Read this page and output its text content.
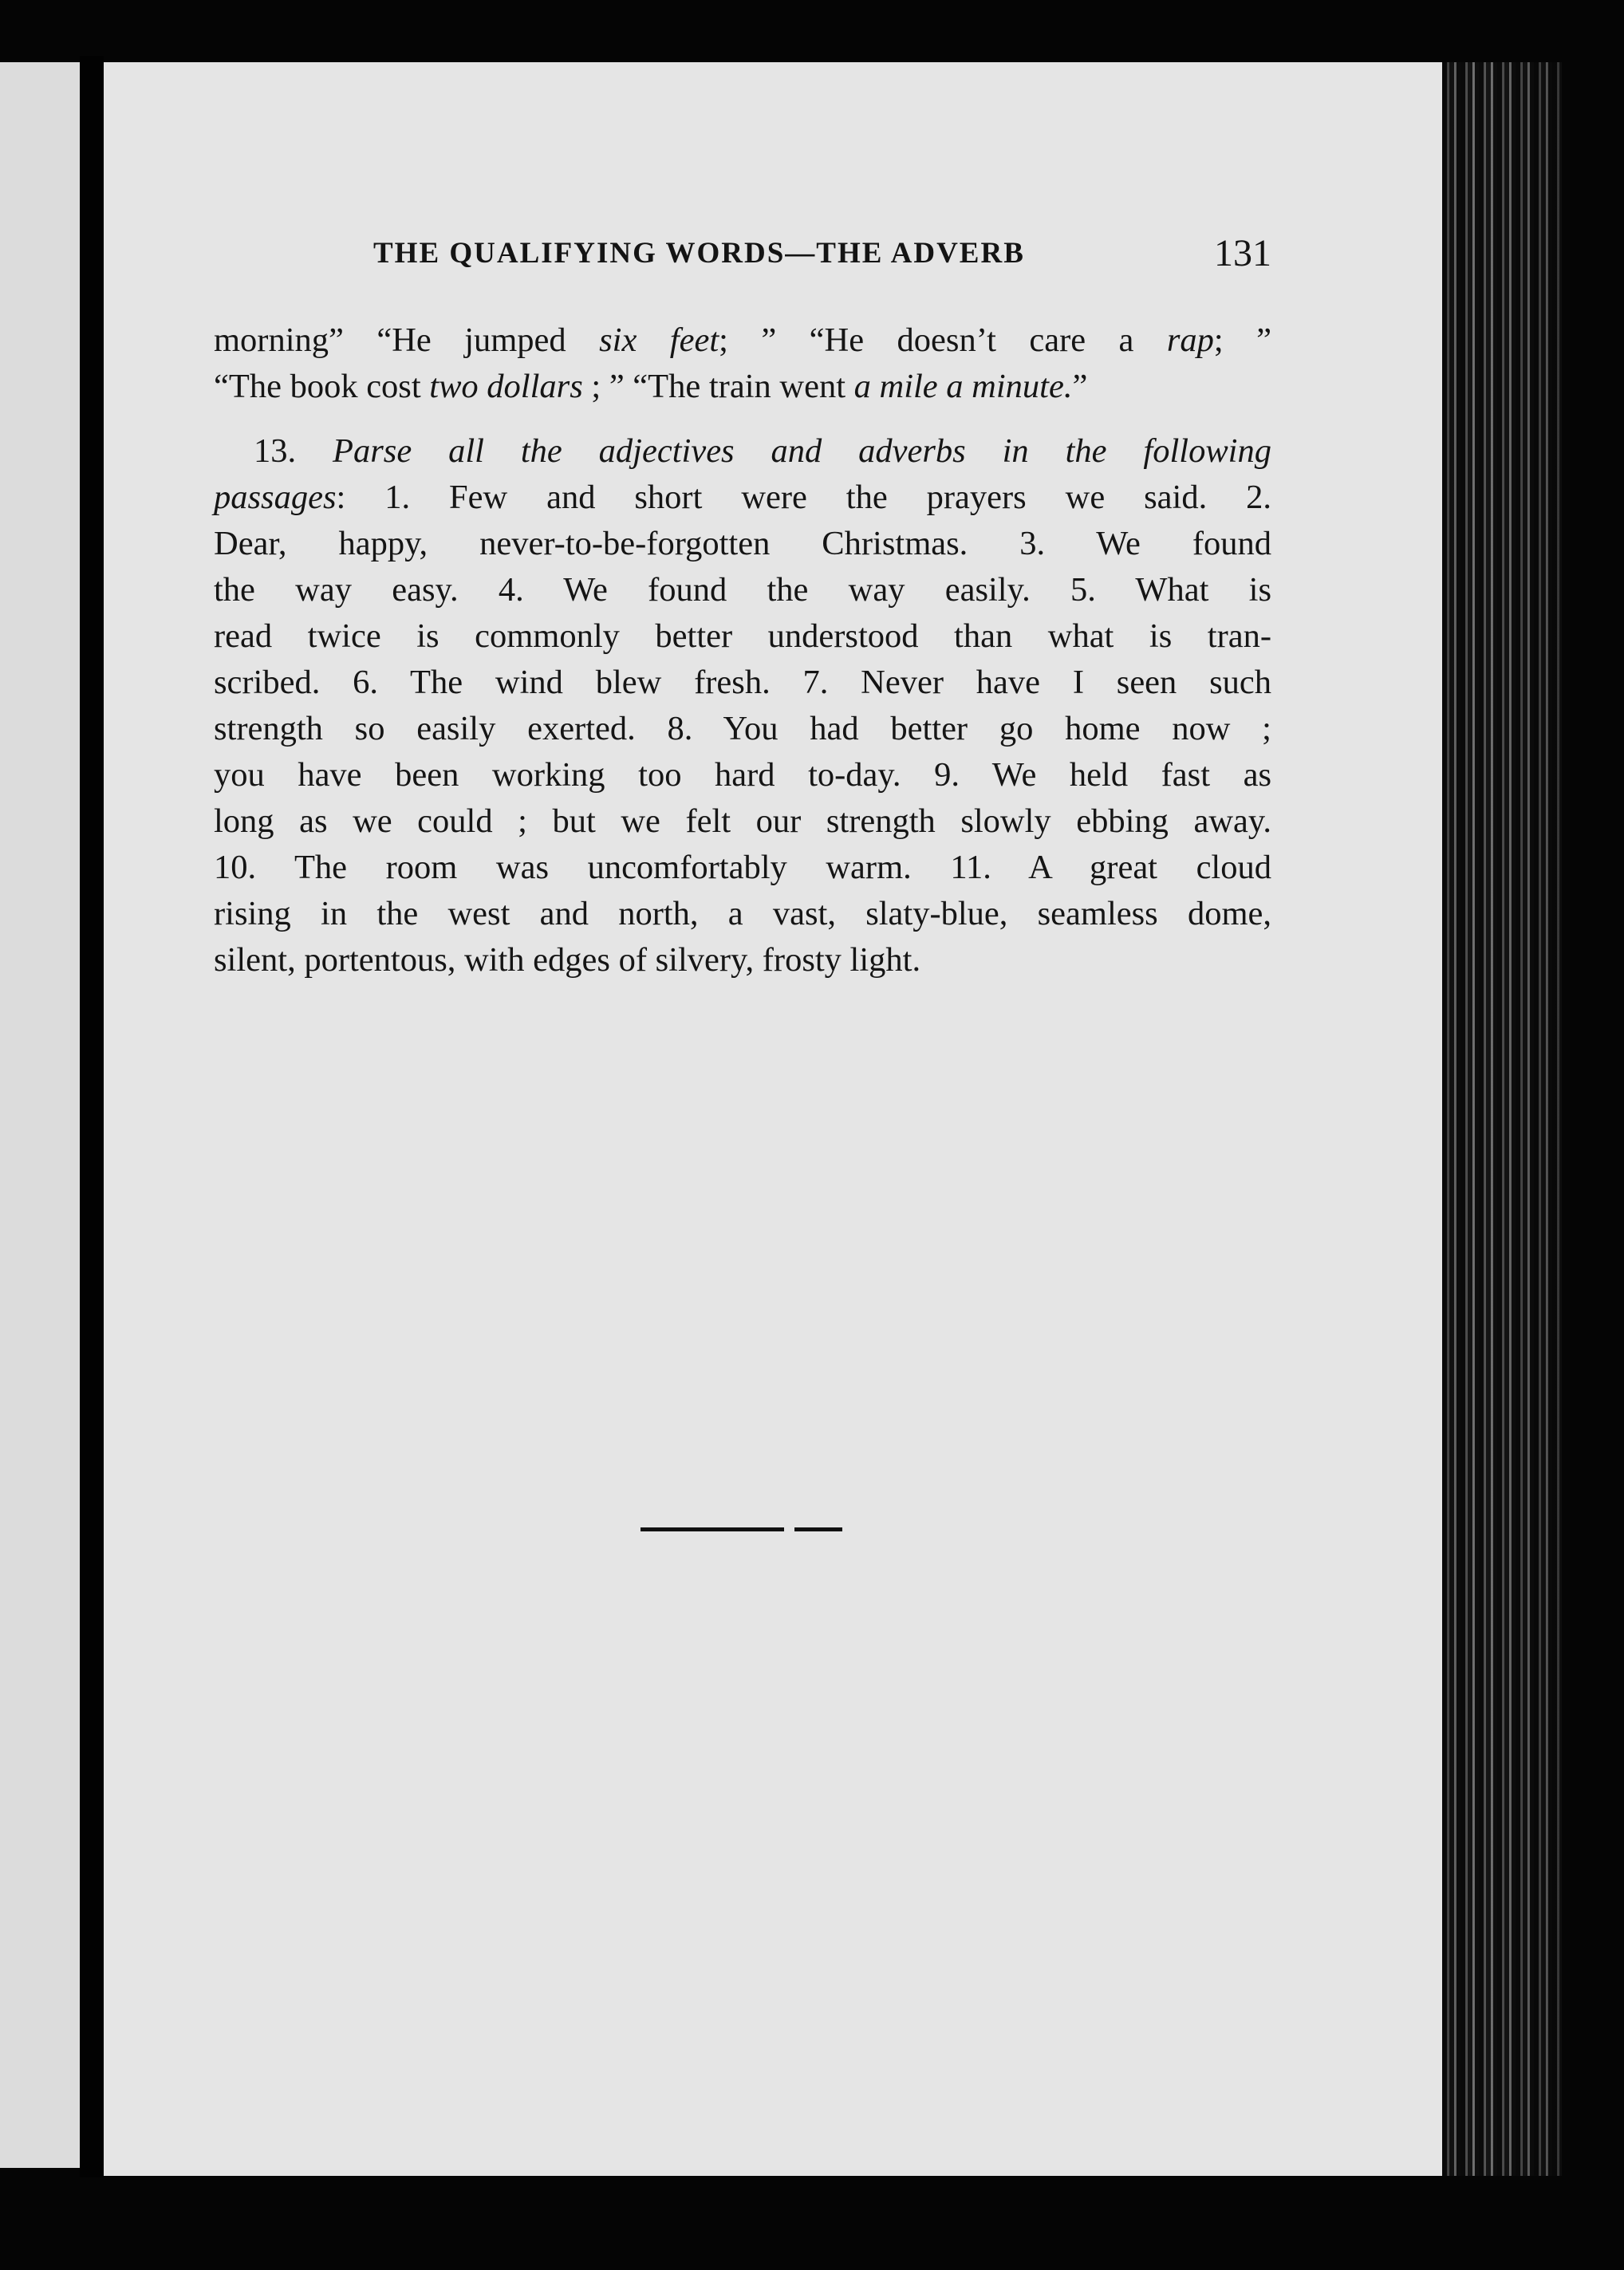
THE QUALIFYING WORDS—THE ADVERB	131
morning” “He jumped six feet; ” “He doesn’t care a rap; ”
“The book cost two dollars ; ” “The train went a mile a minute.”
13. Parse all the adjectives and adverbs in the following
passages: 1. Few and short were the prayers we said. 2.
Dear, happy, never-to-be-forgotten Christmas. 3. We found
the way easy. 4. We found the way easily. 5. What is
read twice is commonly better understood than what is tran-
scribed. 6. The wind blew fresh. 7. Never have I seen such
strength so easily exerted. 8. You had better go home now ;
you have been working too hard to-day. 9. We held fast as
long as we could ; but we felt our strength slowly ebbing away.
10. The room was uncomfortably warm. 11. A great cloud
rising in the west and north, a vast, slaty-blue, seamless dome,
silent, portentous, with edges of silvery, frosty light.
